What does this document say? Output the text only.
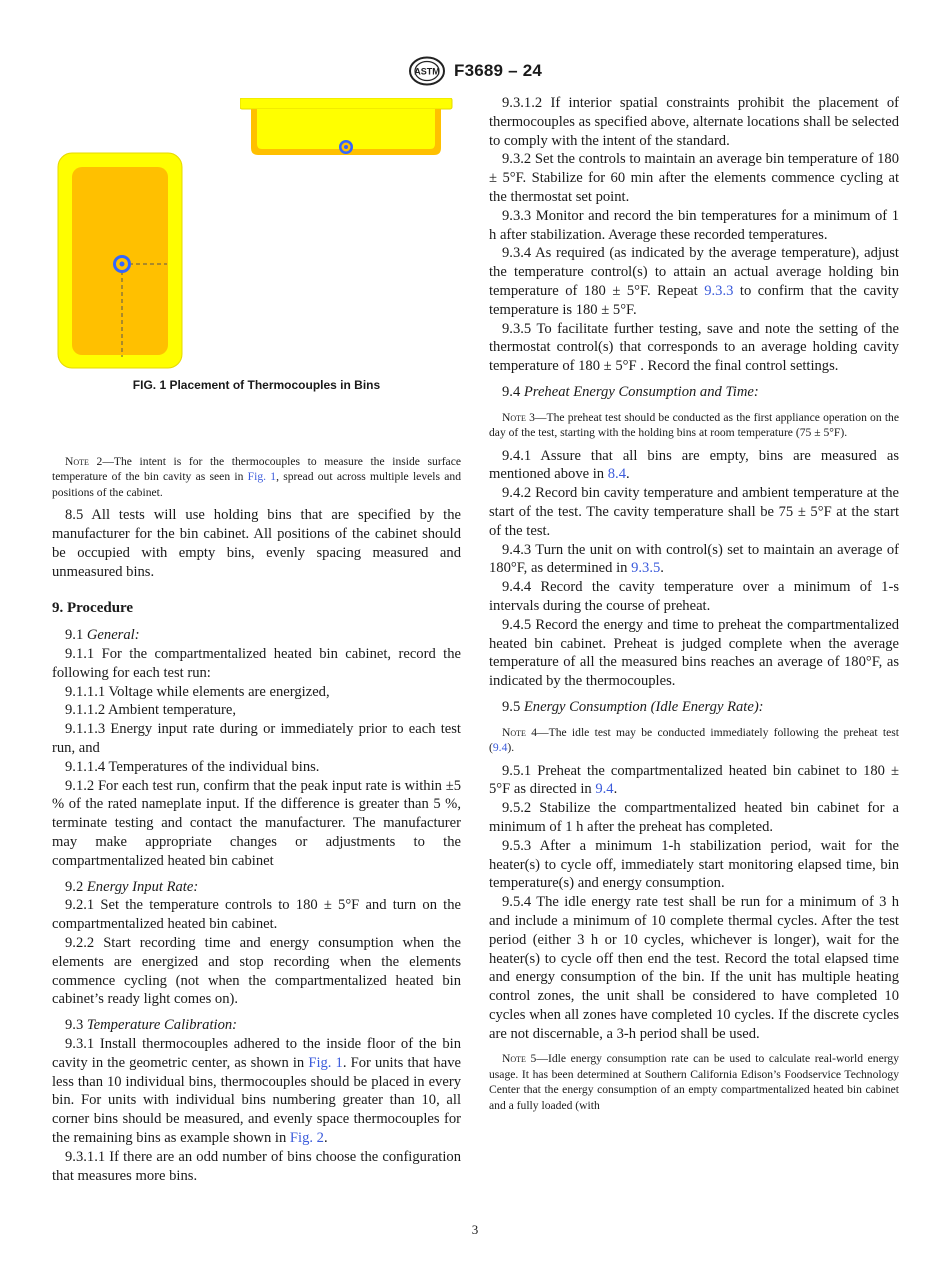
ASTM F3689 – 24
FIG. 1 Placement of Thermocouples in Bins

Note 2—The intent is for the thermocouples to measure the inside surface temperature of the bin cavity as seen in Fig. 1, spread out across multiple levels and positions of the cabinet.

8.5 All tests will use holding bins that are specified by the manufacturer for the bin cabinet. All positions of the cabinet should be occupied with empty bins, evenly spacing measured and unmeasured bins.

9. Procedure

9.1 General:

9.1.1 For the compartmentalized heated bin cabinet, record the following for each test run:

9.1.1.1 Voltage while elements are energized,

9.1.1.2 Ambient temperature,

9.1.1.3 Energy input rate during or immediately prior to each test run, and

9.1.1.4 Temperatures of the individual bins.

9.1.2 For each test run, confirm that the peak input rate is within ±5 % of the rated nameplate input. If the difference is greater than 5 %, terminate testing and contact the manufacturer. The manufacturer may make appropriate changes or adjustments to the compartmentalized heated bin cabinet

9.2 Energy Input Rate:

9.2.1 Set the temperature controls to 180 ± 5°F and turn on the compartmentalized heated bin cabinet.

9.2.2 Start recording time and energy consumption when the elements are energized and stop recording when the elements commence cycling (not when the compartmentalized heated bin cabinet’s ready light comes on).

9.3 Temperature Calibration:

9.3.1 Install thermocouples adhered to the inside floor of the bin cavity in the geometric center, as shown in Fig. 1. For units that have less than 10 individual bins, thermocouples should be placed in every bin. For units with individual bins numbering greater than 10, all corner bins should be measured, and evenly space thermocouples for the remaining bins as example shown in Fig. 2.

9.3.1.1 If there are an odd number of bins choose the configuration that measures more bins.

9.3.1.2 If interior spatial constraints prohibit the placement of thermocouples as specified above, alternate locations shall be selected to comply with the intent of the standard.

9.3.2 Set the controls to maintain an average bin temperature of 180 ± 5°F. Stabilize for 60 min after the elements commence cycling at the thermostat set point.

9.3.3 Monitor and record the bin temperatures for a minimum of 1 h after stabilization. Average these recorded temperatures.

9.3.4 As required (as indicated by the average temperature), adjust the temperature control(s) to attain an actual average holding bin temperature of 180 ± 5°F. Repeat 9.3.3 to confirm that the cavity temperature is 180 ± 5°F.

9.3.5 To facilitate further testing, save and note the setting of the thermostat control(s) that corresponds to an average holding cavity temperature of 180 ± 5°F . Record the final control settings.

9.4 Preheat Energy Consumption and Time:

Note 3—The preheat test should be conducted as the first appliance operation on the day of the test, starting with the holding bins at room temperature (75 ± 5°F).

9.4.1 Assure that all bins are empty, bins are measured as mentioned above in 8.4.

9.4.2 Record bin cavity temperature and ambient temperature at the start of the test. The cavity temperature shall be 75 ± 5°F at the start of the test.

9.4.3 Turn the unit on with control(s) set to maintain an average of 180°F, as determined in 9.3.5.

9.4.4 Record the cavity temperature over a minimum of 1-s intervals during the course of preheat.

9.4.5 Record the energy and time to preheat the compartmentalized heated bin cabinet. Preheat is judged complete when the average temperature of all the measured bins reaches an average of 180°F, as indicated by the thermocouples.

9.5 Energy Consumption (Idle Energy Rate):

Note 4—The idle test may be conducted immediately following the preheat test (9.4).

9.5.1 Preheat the compartmentalized heated bin cabinet to 180 ± 5°F as directed in 9.4.

9.5.2 Stabilize the compartmentalized heated bin cabinet for a minimum of 1 h after the preheat has completed.

9.5.3 After a minimum 1-h stabilization period, wait for the heater(s) to cycle off, immediately start monitoring elapsed time, bin temperature(s) and energy consumption.

9.5.4 The idle energy rate test shall be run for a minimum of 3 h and include a minimum of 10 complete thermal cycles. After the test period (either 3 h or 10 cycles, whichever is longer), wait for the heater(s) to cycle off then end the test. Record the total elapsed time and energy consumption of the bin. If the unit has multiple heating control zones, the unit shall be considered to have completed 10 cycles when all zones have completed 10 cycles. If the discrete cycles are not discernable, a 3-h period shall be used.

Note 5—Idle energy consumption rate can be used to calculate real-world energy usage. It has been determined at Southern California Edison’s Foodservice Technology Center that the energy consumption of an empty compartmentalized heated bin cabinet and a fully loaded (with

3
